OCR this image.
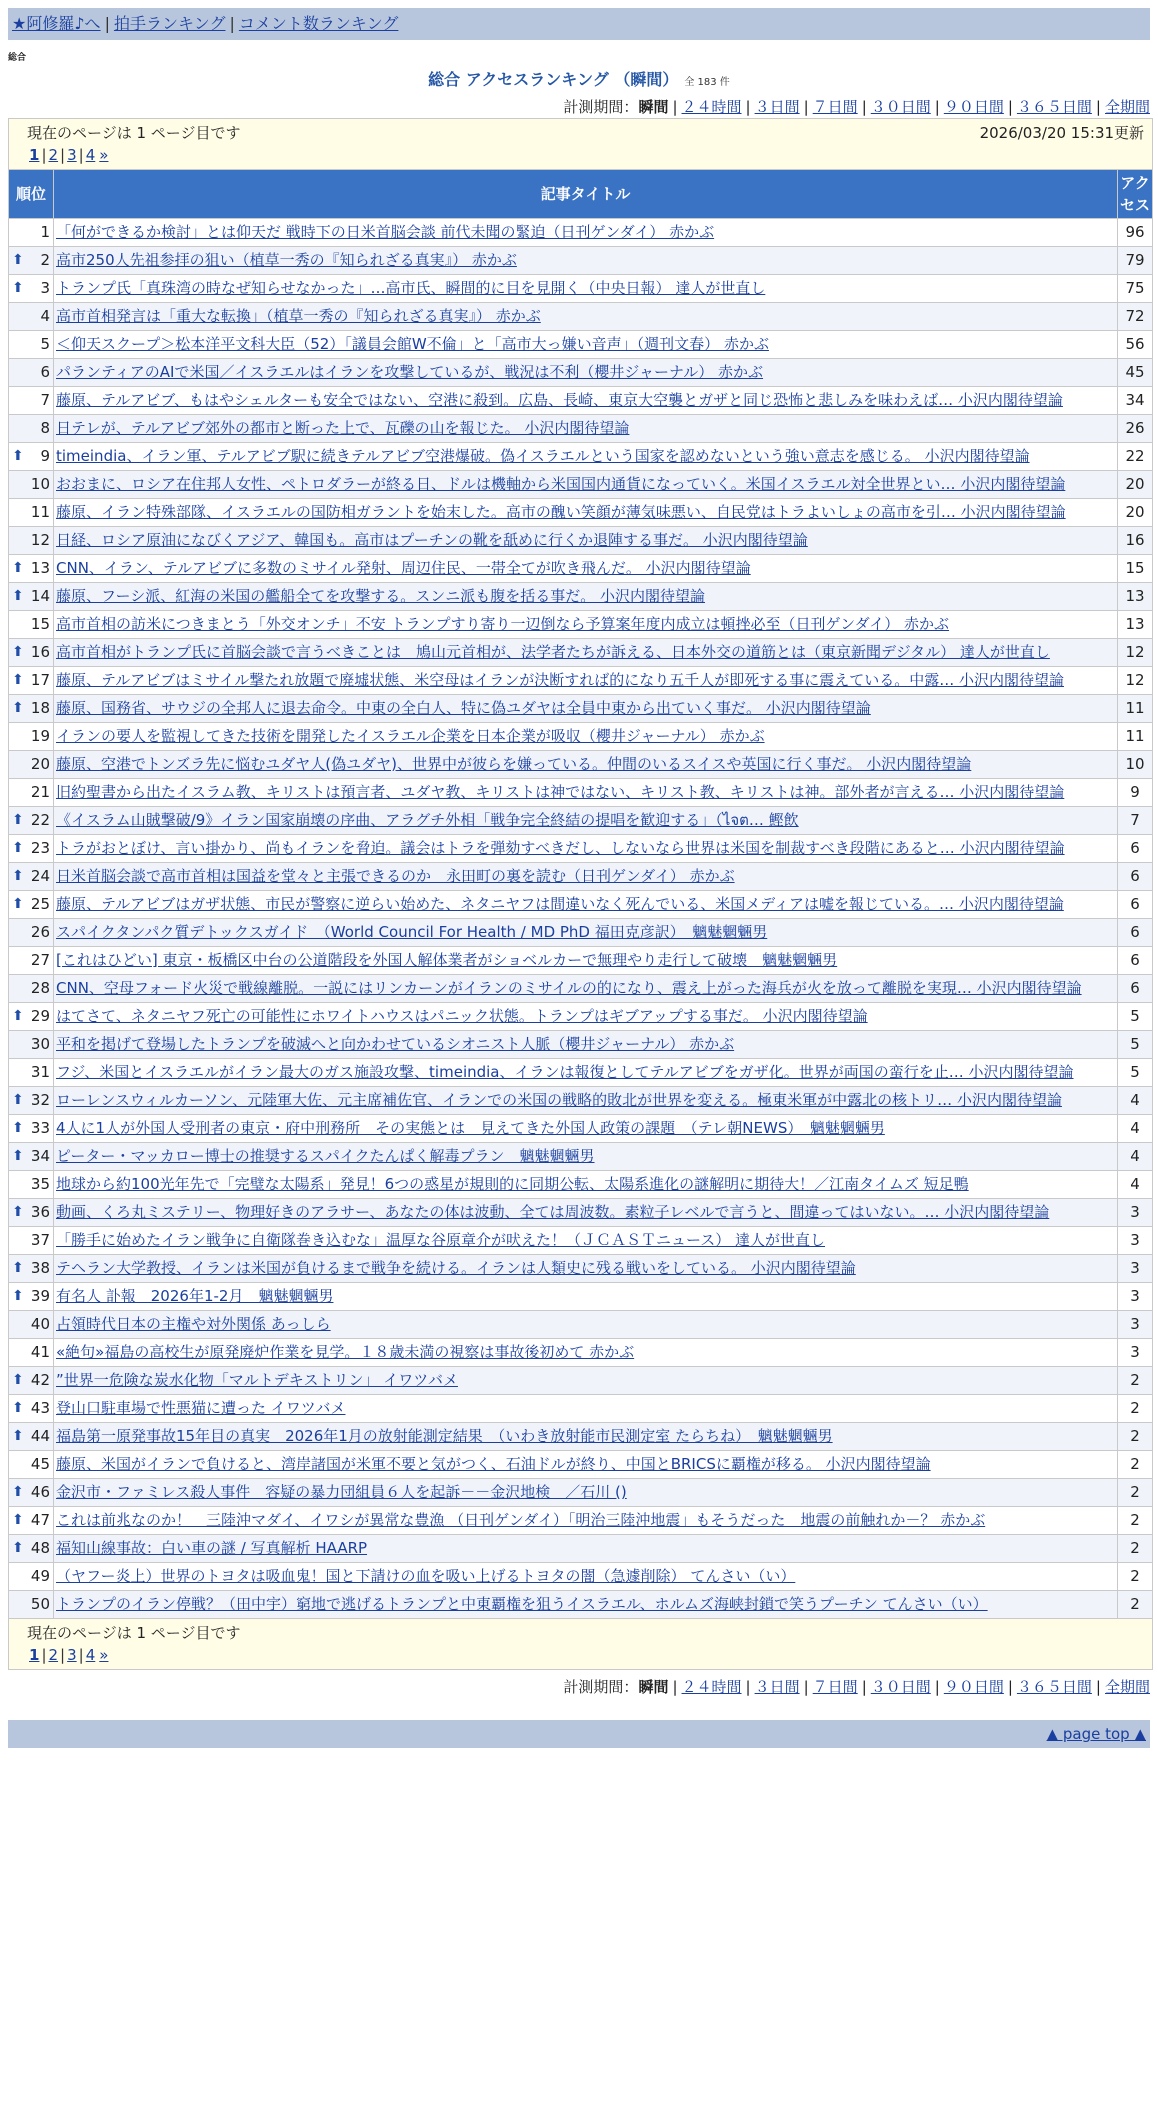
★阿修羅♪へ | 拍手ランキング | コメント数ランキング
総合
総合 アクセスランキング （瞬間） 全 183 件
計測期間：瞬間 | ２４時間 | ３日間 | ７日間 | ３０日間 | ９０日間 | ３６５日間 | 全期間
現在のページは 1 ページ目です 2026/03/20 15:31更新
1 | 2 | 3 | 4 »		

順位	記事タイトル	アクセス
1	「何ができるか検討」とは仰天だ 戦時下の日米首脳会談 前代未聞の緊迫（日刊ゲンダイ） 赤かぶ	96

⬆ 2	高市250人先祖参拝の狙い（植草一秀の『知られざる真実』） 赤かぶ	79

⬆ 3	トランプ氏「真珠湾の時なぜ知らせなかった」…高市氏、瞬間的に目を見開く（中央日報） 達人が世直し	75
4	高市首相発言は「重大な転換」（植草一秀の『知られざる真実』） 赤かぶ	72
5	＜仰天スクープ＞松本洋平文科大臣（52）「議員会館W不倫」と「高市大っ嫌い音声」（週刊文春） 赤かぶ	56
6	パランティアのAIで米国／イスラエルはイランを攻撃しているが、戦況は不利（櫻井ジャーナル） 赤かぶ	45
7	藤原、テルアビブ、もはやシェルターも安全ではない、空港に殺到。広島、長崎、東京大空襲とガザと同じ恐怖と悲しみを味わえば… 小沢内閣待望論	34
8	日テレが、テルアビブ郊外の都市と断った上で、瓦礫の山を報じた。 小沢内閣待望論	26

⬆ 9	timeindia、イラン軍、テルアビブ駅に続きテルアビブ空港爆破。偽イスラエルという国家を認めないという強い意志を感じる。 小沢内閣待望論	22
10	おおまに、ロシア在住邦人女性、ペトロダラーが終る日、ドルは機軸から米国国内通貨になっていく。米国イスラエル対全世界とい… 小沢内閣待望論	20
11	藤原、イラン特殊部隊、イスラエルの国防相ガラントを始末した。高市の醜い笑顔が薄気味悪い、自民党はトラよいしょの高市を引… 小沢内閣待望論	20
12	日経、ロシア原油になびくアジア、韓国も。高市はプーチンの靴を舐めに行くか退陣する事だ。 小沢内閣待望論	16

⬆ 13	CNN、イラン、テルアビブに多数のミサイル発射、周辺住民、一帯全てが吹き飛んだ。 小沢内閣待望論	15

⬆ 14	藤原、フーシ派、紅海の米国の艦船全てを攻撃する。スンニ派も腹を括る事だ。 小沢内閣待望論	13
15	高市首相の訪米につきまとう「外交オンチ」不安 トランプすり寄り一辺倒なら予算案年度内成立は頓挫必至（日刊ゲンダイ） 赤かぶ	13

⬆ 16	高市首相がトランプ氏に首脳会談で言うべきことは　鳩山元首相が、法学者たちが訴える、日本外交の道筋とは（東京新聞デジタル） 達人が世直し	12

⬆ 17	藤原、テルアビブはミサイル撃たれ放題で廃墟状態、米空母はイランが決断すれば的になり五千人が即死する事に震えている。中露… 小沢内閣待望論	12

⬆ 18	藤原、国務省、サウジの全邦人に退去命令。中東の全白人、特に偽ユダヤは全員中東から出ていく事だ。 小沢内閣待望論	11
19	イランの要人を監視してきた技術を開発したイスラエル企業を日本企業が吸収（櫻井ジャーナル） 赤かぶ	11
20	藤原、空港でトンズラ先に悩むユダヤ人(偽ユダヤ)、世界中が彼らを嫌っている。仲間のいるスイスや英国に行く事だ。 小沢内閣待望論	10
21	旧約聖書から出たイスラム教、キリストは預言者、ユダヤ教、キリストは神ではない、キリスト教、キリストは神。部外者が言える… 小沢内閣待望論	9

⬆ 22	《イスラム山賊撃破/9》イラン国家崩壊の序曲、アラグチ外相「戦争完全終結の提唱を歓迎する」（ไจต… 鰹飲	7

⬆ 23	トラがおとぼけ、言い掛かり、尚もイランを脅迫。議会はトラを弾劾すべきだし、しないなら世界は米国を制裁すべき段階にあると… 小沢内閣待望論	6

⬆ 24	日米首脳会談で高市首相は国益を堂々と主張できるのか　永田町の裏を読む（日刊ゲンダイ） 赤かぶ	6

⬆ 25	藤原、テルアビブはガザ状態、市民が警察に逆らい始めた、ネタニヤフは間違いなく死んでいる、米国メディアは嘘を報じている。… 小沢内閣待望論	6
26	スパイクタンパク質デトックスガイド　（World Council For Health / MD PhD 福田克彦訳）　魑魅魍魎男	6
27	[これはひどい] 東京・板橋区中台の公道階段を外国人解体業者がショベルカーで無理やり走行して破壊　魑魅魍魎男	6
28	CNN、空母フォード火災で戦線離脱。一説にはリンカーンがイランのミサイルの的になり、震え上がった海兵が火を放って離脱を実現… 小沢内閣待望論	6

⬆ 29	はてさて、ネタニヤフ死亡の可能性にホワイトハウスはパニック状態。トランプはギブアップする事だ。 小沢内閣待望論	5
30	平和を掲げて登場したトランプを破滅へと向かわせているシオニスト人脈（櫻井ジャーナル） 赤かぶ	5
31	フジ、米国とイスラエルがイラン最大のガス施設攻撃、timeindia、イランは報復としてテルアビブをガザ化。世界が両国の蛮行を止… 小沢内閣待望論	5

⬆ 32	ローレンスウィルカーソン、元陸軍大佐、元主席補佐官、イランでの米国の戦略的敗北が世界を変える。極東米軍が中露北の核トリ… 小沢内閣待望論	4

⬆ 33	4人に1人が外国人受刑者の東京・府中刑務所　その実態とは　見えてきた外国人政策の課題　（テレ朝NEWS）　魑魅魍魎男	4

⬆ 34	ピーター・マッカロー博士の推奨するスパイクたんぱく解毒プラン　魑魅魍魎男	4
35	地球から約100光年先で「完璧な太陽系」発見！6つの惑星が規則的に同期公転、太陽系進化の謎解明に期待大！／江南タイムズ 短足鴨	4

⬆ 36	動画、くろ丸ミステリー、物理好きのアラサー、あなたの体は波動、全ては周波数。素粒子レベルで言うと、間違ってはいない。… 小沢内閣待望論	3
37	「勝手に始めたイラン戦争に自衛隊巻き込むな」温厚な谷原章介が吠えた！（ＪＣＡＳＴニュース） 達人が世直し	3

⬆ 38	テヘラン大学教授、イランは米国が負けるまで戦争を続ける。イランは人類史に残る戦いをしている。 小沢内閣待望論	3

⬆ 39	有名人 訃報　2026年1-2月　魑魅魍魎男	3
40	占領時代日本の主権や対外関係 あっしら	3
41	«絶句»福島の高校生が原発廃炉作業を見学。１８歳未満の視察は事故後初めて 赤かぶ	3

⬆ 42	”世界一危険な炭水化物「マルトデキストリン」 イワツバメ	2

⬆ 43	登山口駐車場で性悪猫に遭った イワツバメ	2

⬆ 44	福島第一原発事故15年目の真実　2026年1月の放射能測定結果　（いわき放射能市民測定室 たらちね）　魑魅魍魎男	2
45	藤原、米国がイランで負けると、湾岸諸国が米軍不要と気がつく、石油ドルが終り、中国とBRICSに覇権が移る。 小沢内閣待望論	2

⬆ 46	金沢市・ファミレス殺人事件　容疑の暴力団組員６人を起訴－－金沢地検　／石川 ()	2

⬆ 47	これは前兆なのか！　三陸沖マダイ、イワシが異常な豊漁 （日刊ゲンダイ）「明治三陸沖地震」もそうだった　地震の前触れか－？ 赤かぶ	2

⬆ 48	福知山線事故：白い車の謎 / 写真解析 HAARP	2
49	（ヤフー炎上）世界のトヨタは吸血鬼！国と下請けの血を吸い上げるトヨタの闇（急遽削除） てんさい（い）	2
50	トランプのイラン停戦？（田中宇）窮地で逃げるトランプと中東覇権を狙うイスラエル、ホルムズ海峡封鎖で笑うプーチン てんさい（い）	2

現在のページは 1 ページ目です
1 | 2 | 3 | 4 »		
計測期間：瞬間 | ２４時間 | ３日間 | ７日間 | ３０日間 | ９０日間 | ３６５日間 | 全期間
▲ page top ▲
